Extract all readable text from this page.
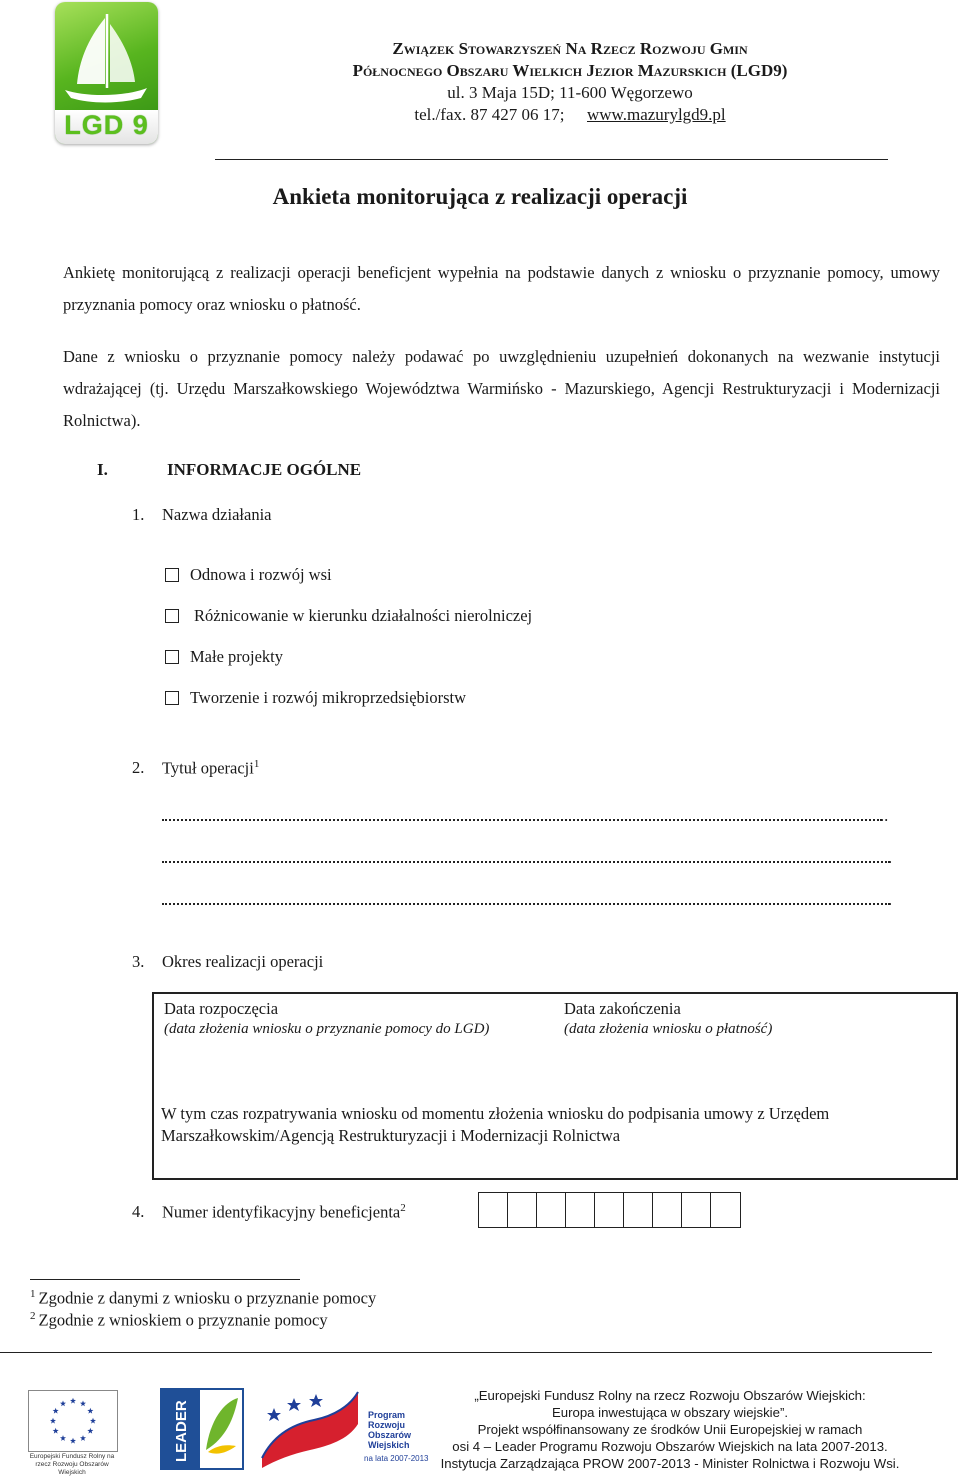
LGD 9
Związek Stowarzyszeń Na Rzecz Rozwoju Gmin
Północnego Obszaru Wielkich Jezior Mazurskich (LGD9)
ul. 3 Maja 15D; 11-600 Węgorzewo
tel./fax. 87 427 06 17; www.mazurylgd9.pl
Ankieta monitorująca z realizacji operacji
Ankietę monitorującą z realizacji operacji beneficjent wypełnia na podstawie danych z wniosku o przyznanie pomocy, umowy przyznania pomocy oraz wniosku o płatność.
Dane z wniosku o przyznanie pomocy należy podawać po uwzględnieniu uzupełnień dokonanych na wezwanie instytucji wdrażającej (tj. Urzędu Marszałkowskiego Województwa Warmińsko - Mazurskiego, Agencji Restrukturyzacji i Modernizacji Rolnictwa).
I.	INFORMACJE OGÓLNE
1. Nazwa działania
Odnowa i rozwój wsi
Różnicowanie w kierunku działalności nierolniczej
Małe projekty
Tworzenie i rozwój mikroprzedsiębiorstw
2. Tytuł operacji$^1$
..
.
.
3. Okres realizacji operacji
Data rozpoczęcia
(data złożenia wniosku o przyznanie pomocy do LGD)
Data zakończenia
(data złożenia wniosku o płatność)
W tym czas rozpatrywania wniosku od momentu złożenia wniosku do podpisania umowy z Urzędem Marszałkowskim/Agencją Restrukturyzacji i Modernizacji Rolnictwa
4. Numer identyfikacyjny beneficjenta$^2$
$^1$ Zgodnie z danymi z wniosku o przyznanie pomocy
$^2$ Zgodnie z wnioskiem o przyznanie pomocy
Europejski Fundusz Rolny na rzecz Rozwoju Obszarów Wiejskich
LEADER	Program
Rozwoju
Obszarów
Wiejskich
na lata 2007-2013
„Europejski Fundusz Rolny na rzecz Rozwoju Obszarów Wiejskich:
Europa inwestująca w obszary wiejskie”.
Projekt współfinansowany ze środków Unii Europejskiej w ramach
osi 4 – Leader Programu Rozwoju Obszarów Wiejskich na lata 2007-2013.
Instytucja Zarządzająca PROW 2007-2013 - Minister Rolnictwa i Rozwoju Wsi.
